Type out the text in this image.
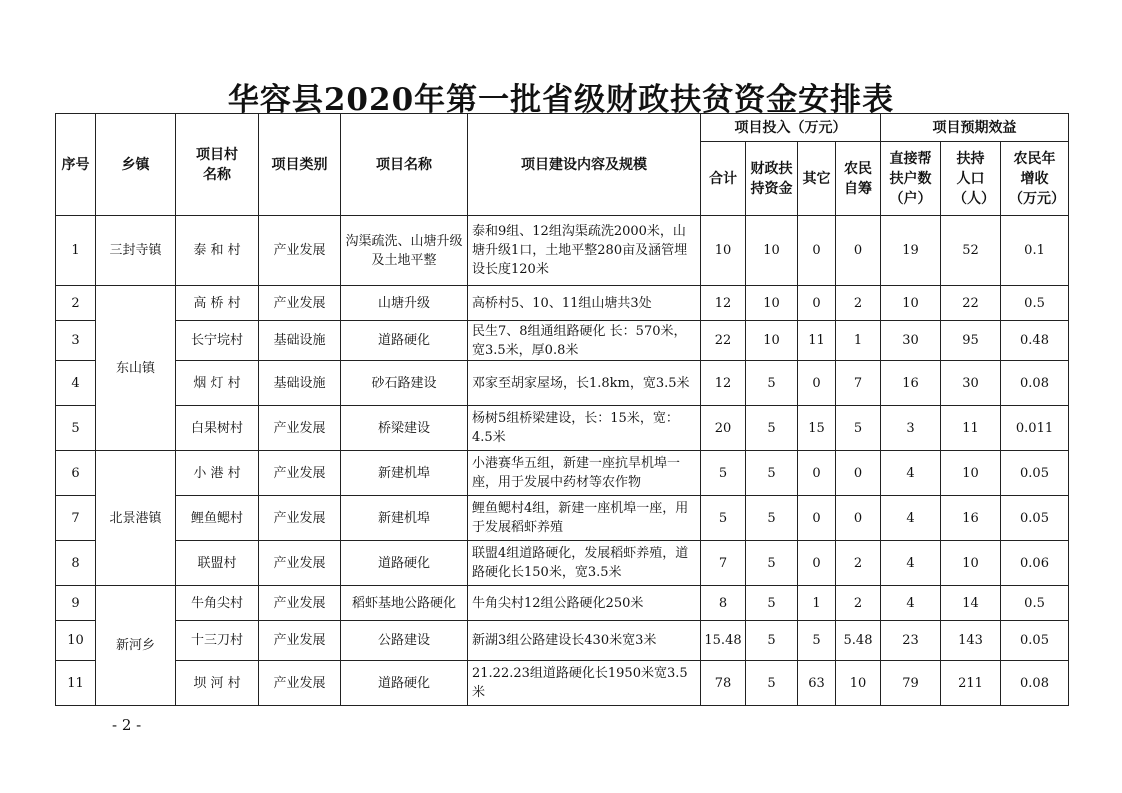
华容县2020年第一批省级财政扶贫资金安排表
序号	乡镇	项目村名称	项目类别	项目名称	项目建设内容及规模	项目投入（万元）				项目预期效益		
						合计	财政扶持资金	其它	农民自筹	直接帮扶户数（户）	扶持人口（人）	农民年增收（万元）
1	三封寺镇	泰 和 村	产业发展	沟渠疏洗、山塘升级及土地平整	泰和9组、12组沟渠疏洗2000米，山塘升级1口，土地平整280亩及涵管埋设长度120米	10	10	0	0	19	52	0.1
2	东山镇	高 桥 村	产业发展	山塘升级	高桥村5、10、11组山塘共3处	12	10	0	2	10	22	0.5
3		长宁垸村	基础设施	道路硬化	民生7、8组通组路硬化 长：570米，宽3.5米，厚0.8米	22	10	11	1	30	95	0.48
4		烟 灯 村	基础设施	砂石路建设	邓家至胡家屋场，长1.8km，宽3.5米	12	5	0	7	16	30	0.08
5		白果树村	产业发展	桥梁建设	杨树5组桥梁建设，长：15米，宽：4.5米	20	5	15	5	3	11	0.011
6	北景港镇	小 港 村	产业发展	新建机埠	小港赛华五组，新建一座抗旱机埠一座，用于发展中药材等农作物	5	5	0	0	4	10	0.05
7		鲤鱼鳃村	产业发展	新建机埠	鲤鱼鳃村4组，新建一座机埠一座，用于发展稻虾养殖	5	5	0	0	4	16	0.05
8		联盟村	产业发展	道路硬化	联盟4组道路硬化，发展稻虾养殖，道路硬化长150米，宽3.5米	7	5	0	2	4	10	0.06
9	新河乡	牛角尖村	产业发展	稻虾基地公路硬化	牛角尖村12组公路硬化250米	8	5	1	2	4	14	0.5
10		十三刀村	产业发展	公路建设	新湖3组公路建设长430米宽3米	15.48	5	5	5.48	23	143	0.05
11		坝 河 村	产业发展	道路硬化	21.22.23组道路硬化长1950米宽3.5米	78	5	63	10	79	211	0.08
- 2 -
